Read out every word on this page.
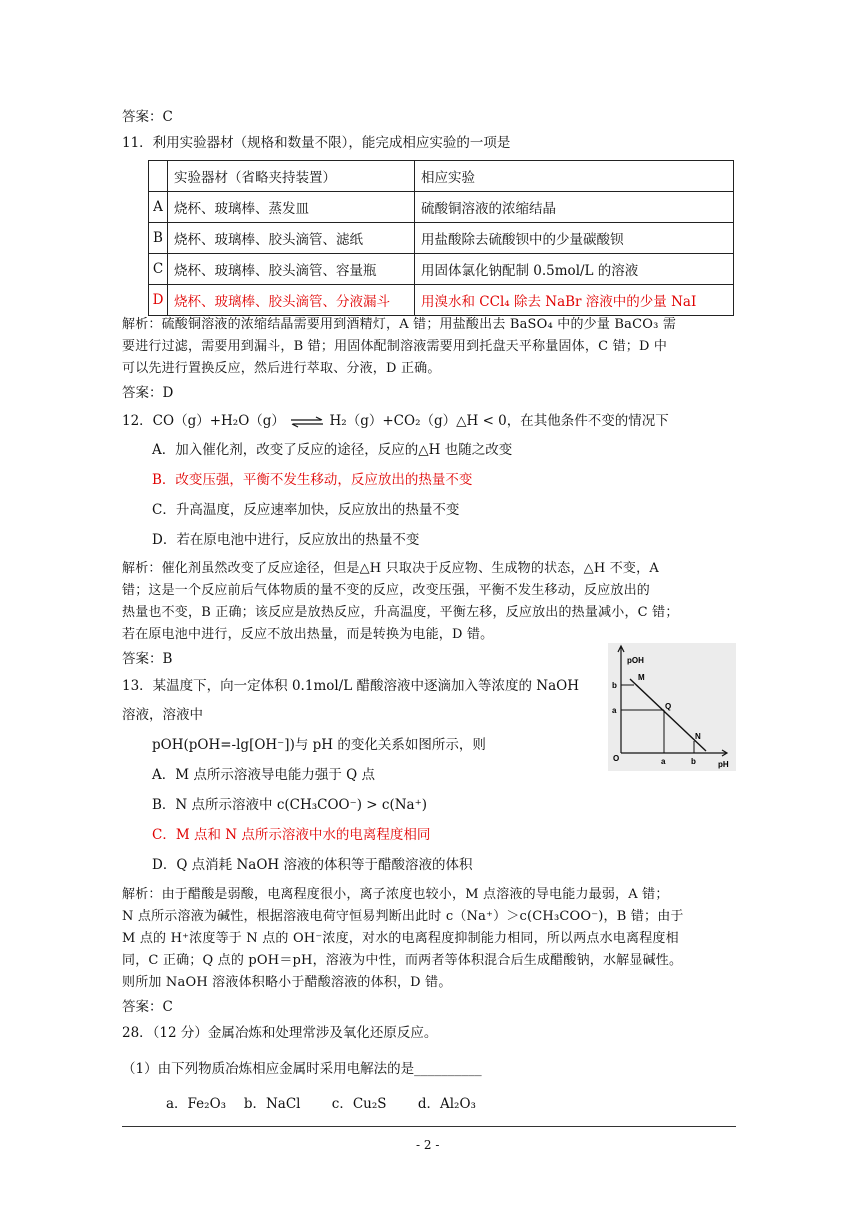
答案：C
11．利用实验器材（规格和数量不限），能完成相应实验的一项是
	实验器材（省略夹持装置）	相应实验
A	烧杯、玻璃棒、蒸发皿	硫酸铜溶液的浓缩结晶
B	烧杯、玻璃棒、胶头滴管、滤纸	用盐酸除去硫酸钡中的少量碳酸钡
C	烧杯、玻璃棒、胶头滴管、容量瓶	用固体氯化钠配制 0.5mol/L 的溶液
D	烧杯、玻璃棒、胶头滴管、分液漏斗	用溴水和 CCl₄ 除去 NaBr 溶液中的少量 NaI
解析：硫酸铜溶液的浓缩结晶需要用到酒精灯，A 错；用盐酸出去 BaSO₄ 中的少量 BaCO₃ 需
要进行过滤，需要用到漏斗，B 错；用固体配制溶液需要用到托盘天平称量固体，C 错；D 中
可以先进行置换反应，然后进行萃取、分液，D 正确。
答案：D
12．CO（g）+H₂O（g） ⇌ H₂（g）+CO₂（g）△H < 0，在其他条件不变的情况下
A．加入催化剂，改变了反应的途径，反应的△H 也随之改变
B．改变压强，平衡不发生移动，反应放出的热量不变
C．升高温度，反应速率加快，反应放出的热量不变
D．若在原电池中进行，反应放出的热量不变
解析：催化剂虽然改变了反应途径，但是△H 只取决于反应物、生成物的状态，△H 不变，A
错；这是一个反应前后气体物质的量不变的反应，改变压强，平衡不发生移动，反应放出的
热量也不变，B 正确；该反应是放热反应，升高温度，平衡左移，反应放出的热量减小，C 错；
若在原电池中进行，反应不放出热量，而是转换为电能，D 错。
答案：B
13．某温度下，向一定体积 0.1mol/L 醋酸溶液中逐滴加入等浓度的 NaOH
溶液，溶液中
pOH(pOH=-lg[OH⁻])与 pH 的变化关系如图所示，则
A．M 点所示溶液导电能力强于 Q 点
B．N 点所示溶液中 c(CH₃COO⁻) > c(Na⁺)
C．M 点和 N 点所示溶液中水的电离程度相同
D．Q 点消耗 NaOH 溶液的体积等于醋酸溶液的体积
pOH
pH
O
b
a
a	b
M
Q
N
解析：由于醋酸是弱酸，电离程度很小，离子浓度也较小，M 点溶液的导电能力最弱，A 错；
N 点所示溶液为碱性，根据溶液电荷守恒易判断出此时 c（Na⁺）＞c(CH₃COO⁻)，B 错；由于
M 点的 H⁺浓度等于 N 点的 OH⁻浓度，对水的电离程度抑制能力相同，所以两点水电离程度相
同，C 正确；Q 点的 pOH＝pH，溶液为中性，而两者等体积混合后生成醋酸钠，水解显碱性。
则所加 NaOH 溶液体积略小于醋酸溶液的体积，D 错。
答案：C
28．（12 分）金属冶炼和处理常涉及氧化还原反应。
（1）由下列物质冶炼相应金属时采用电解法的是__________
a．Fe₂O₃　 b．NaCl　　 c．Cu₂S　　 d．Al₂O₃
- 2 -
